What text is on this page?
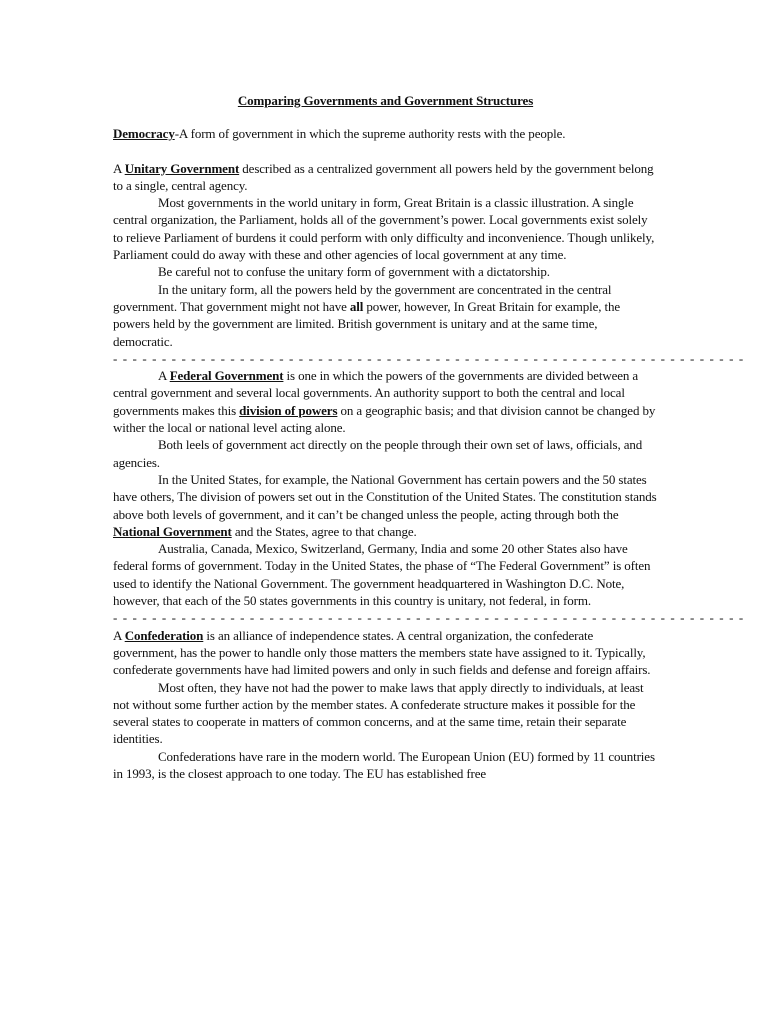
Comparing Governments and Government Structures

Democracy-A form of government in which the supreme authority rests with the people.

A Unitary Government described as a centralized government all powers held by the government belong to a single, central agency.

Most governments in the world unitary in form, Great Britain is a classic illustration. A single central organization, the Parliament, holds all of the government’s power. Local governments exist solely to relieve Parliament of burdens it could perform with only difficulty and inconvenience. Though unlikely, Parliament could do away with these and other agencies of local government at any time.

Be careful not to confuse the unitary form of government with a dictatorship.

In the unitary form, all the powers held by the government are concentrated in the central government. That government might not have all power, however, In Great Britain for example, the powers held by the government are limited. British government is unitary and at the same time, democratic.

- - - - - - - - - - - - - - - - - - - - - - - - - - - - - - - - - - - - - - - - - - - - - - - - - - - - - - - - - - - - - - - - -

A Federal Government is one in which the powers of the governments are divided between a central government and several local governments. An authority support to both the central and local governments makes this division of powers on a geographic basis; and that division cannot be changed by wither the local or national level acting alone.

Both leels of government act directly on the people through their own set of laws, officials, and agencies.

In the United States, for example, the National Government has certain powers and the 50 states have others, The division of powers set out in the Constitution of the United States. The constitution stands above both levels of government, and it can’t be changed unless the people, acting through both the National Government and the States, agree to that change.

Australia, Canada, Mexico, Switzerland, Germany, India and some 20 other States also have federal forms of government. Today in the United States, the phase of “The Federal Government” is often used to identify the National Government. The government headquartered in Washington D.C. Note, however, that each of the 50 states governments in this country is unitary, not federal, in form.

- - - - - - - - - - - - - - - - - - - - - - - - - - - - - - - - - - - - - - - - - - - - - - - - - - - - - - - - - - - - - - - - -

A Confederation is an alliance of independence states. A central organization, the confederate government, has the power to handle only those matters the members state have assigned to it. Typically, confederate governments have had limited powers and only in such fields and defense and foreign affairs.

Most often, they have not had the power to make laws that apply directly to individuals, at least not without some further action by the member states. A confederate structure makes it possible for the several states to cooperate in matters of common concerns, and at the same time, retain their separate identities.

Confederations have rare in the modern world. The European Union (EU) formed by 11 countries in 1993, is the closest approach to one today. The EU has established free
